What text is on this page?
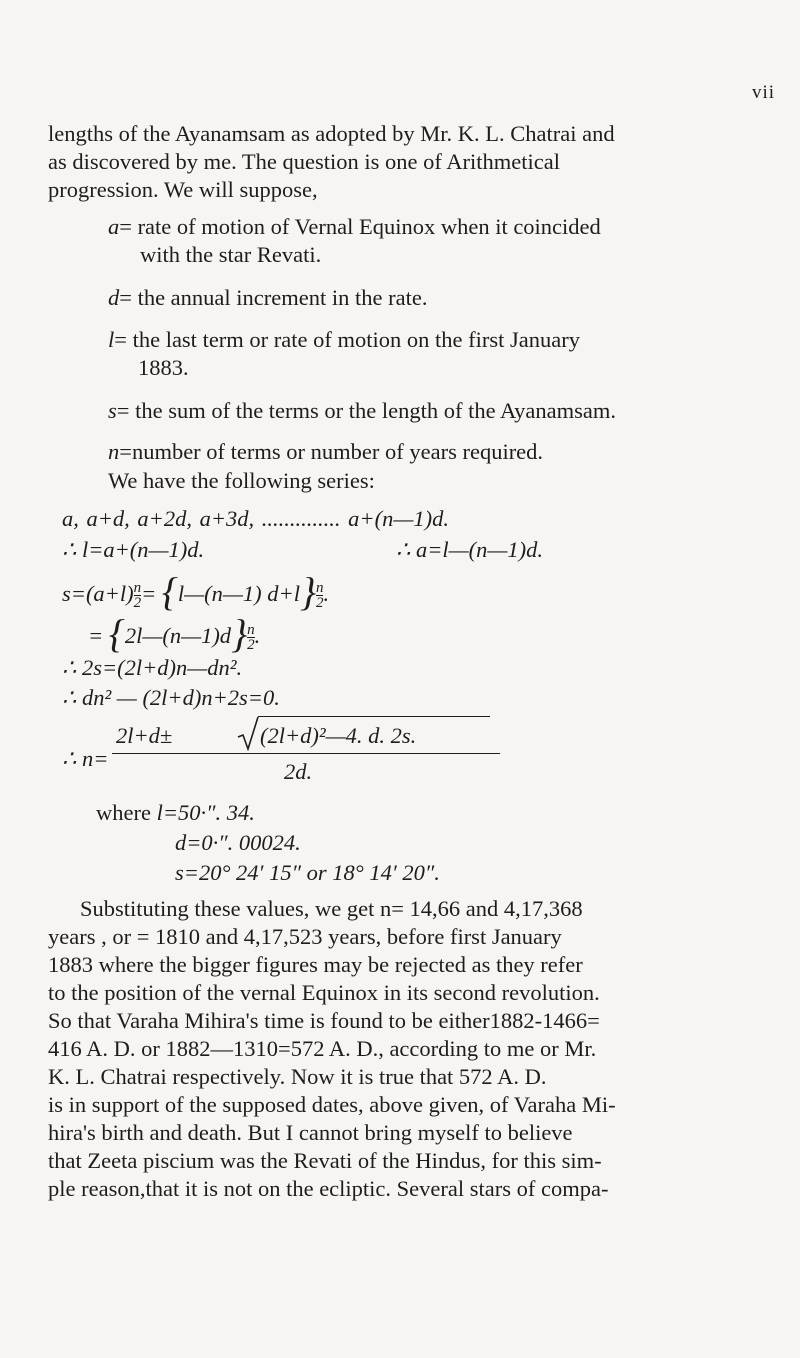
vii
lengths of the Ayanamsam as adopted by Mr. K. L. Chatrai and
as discovered by me. The question is one of Arithmetical
progression. We will suppose,
a= rate of motion of Vernal Equinox when it coincided
with the star Revati.
d= the annual increment in the rate.
l= the last term or rate of motion on the first January
1883.
s= the sum of the terms or the length of the Ayanamsam.
n=number of terms or number of years required.
We have the following series:
a, a+d, a+2d, a+3d, .............. a+(n—1)d.
∴ l=a+(n—1)d.	∴ a=l—(n—1)d.
$s=(a+l) \frac{n}{2}$ = {l—(n—1) $d+l\} \frac{n}{2}$ .
= {2l—(n—1)d} $\frac{n}{2}$ .
∴ 2s=(2l+d)n—dn².
∴ dn² — (2l+d)n+2s=0.
∴ n=
2l+d±	(2l+d)²—4. d. 2s.
2d.
where l=50·″. 34.
d=0·″. 00024.
s=20° 24′ 15″ or 18° 14′ 20″.
Substituting these values, we get n= 14,66 and 4,17,368
years , or = 1810 and 4,17,523 years, before first January
1883 where the bigger figures may be rejected as they refer
to the position of the vernal Equinox in its second revolution.
So that Varaha Mihira's time is found to be either1882-1466=
416 A. D. or 1882—1310=572 A. D., according to me or Mr.
K. L. Chatrai respectively. Now it is true that 572 A. D.
is in support of the supposed dates, above given, of Varaha Mi-
hira's birth and death. But I cannot bring myself to believe
that Zeeta piscium was the Revati of the Hindus, for this sim-
ple reason,that it is not on the ecliptic. Several stars of compa-
